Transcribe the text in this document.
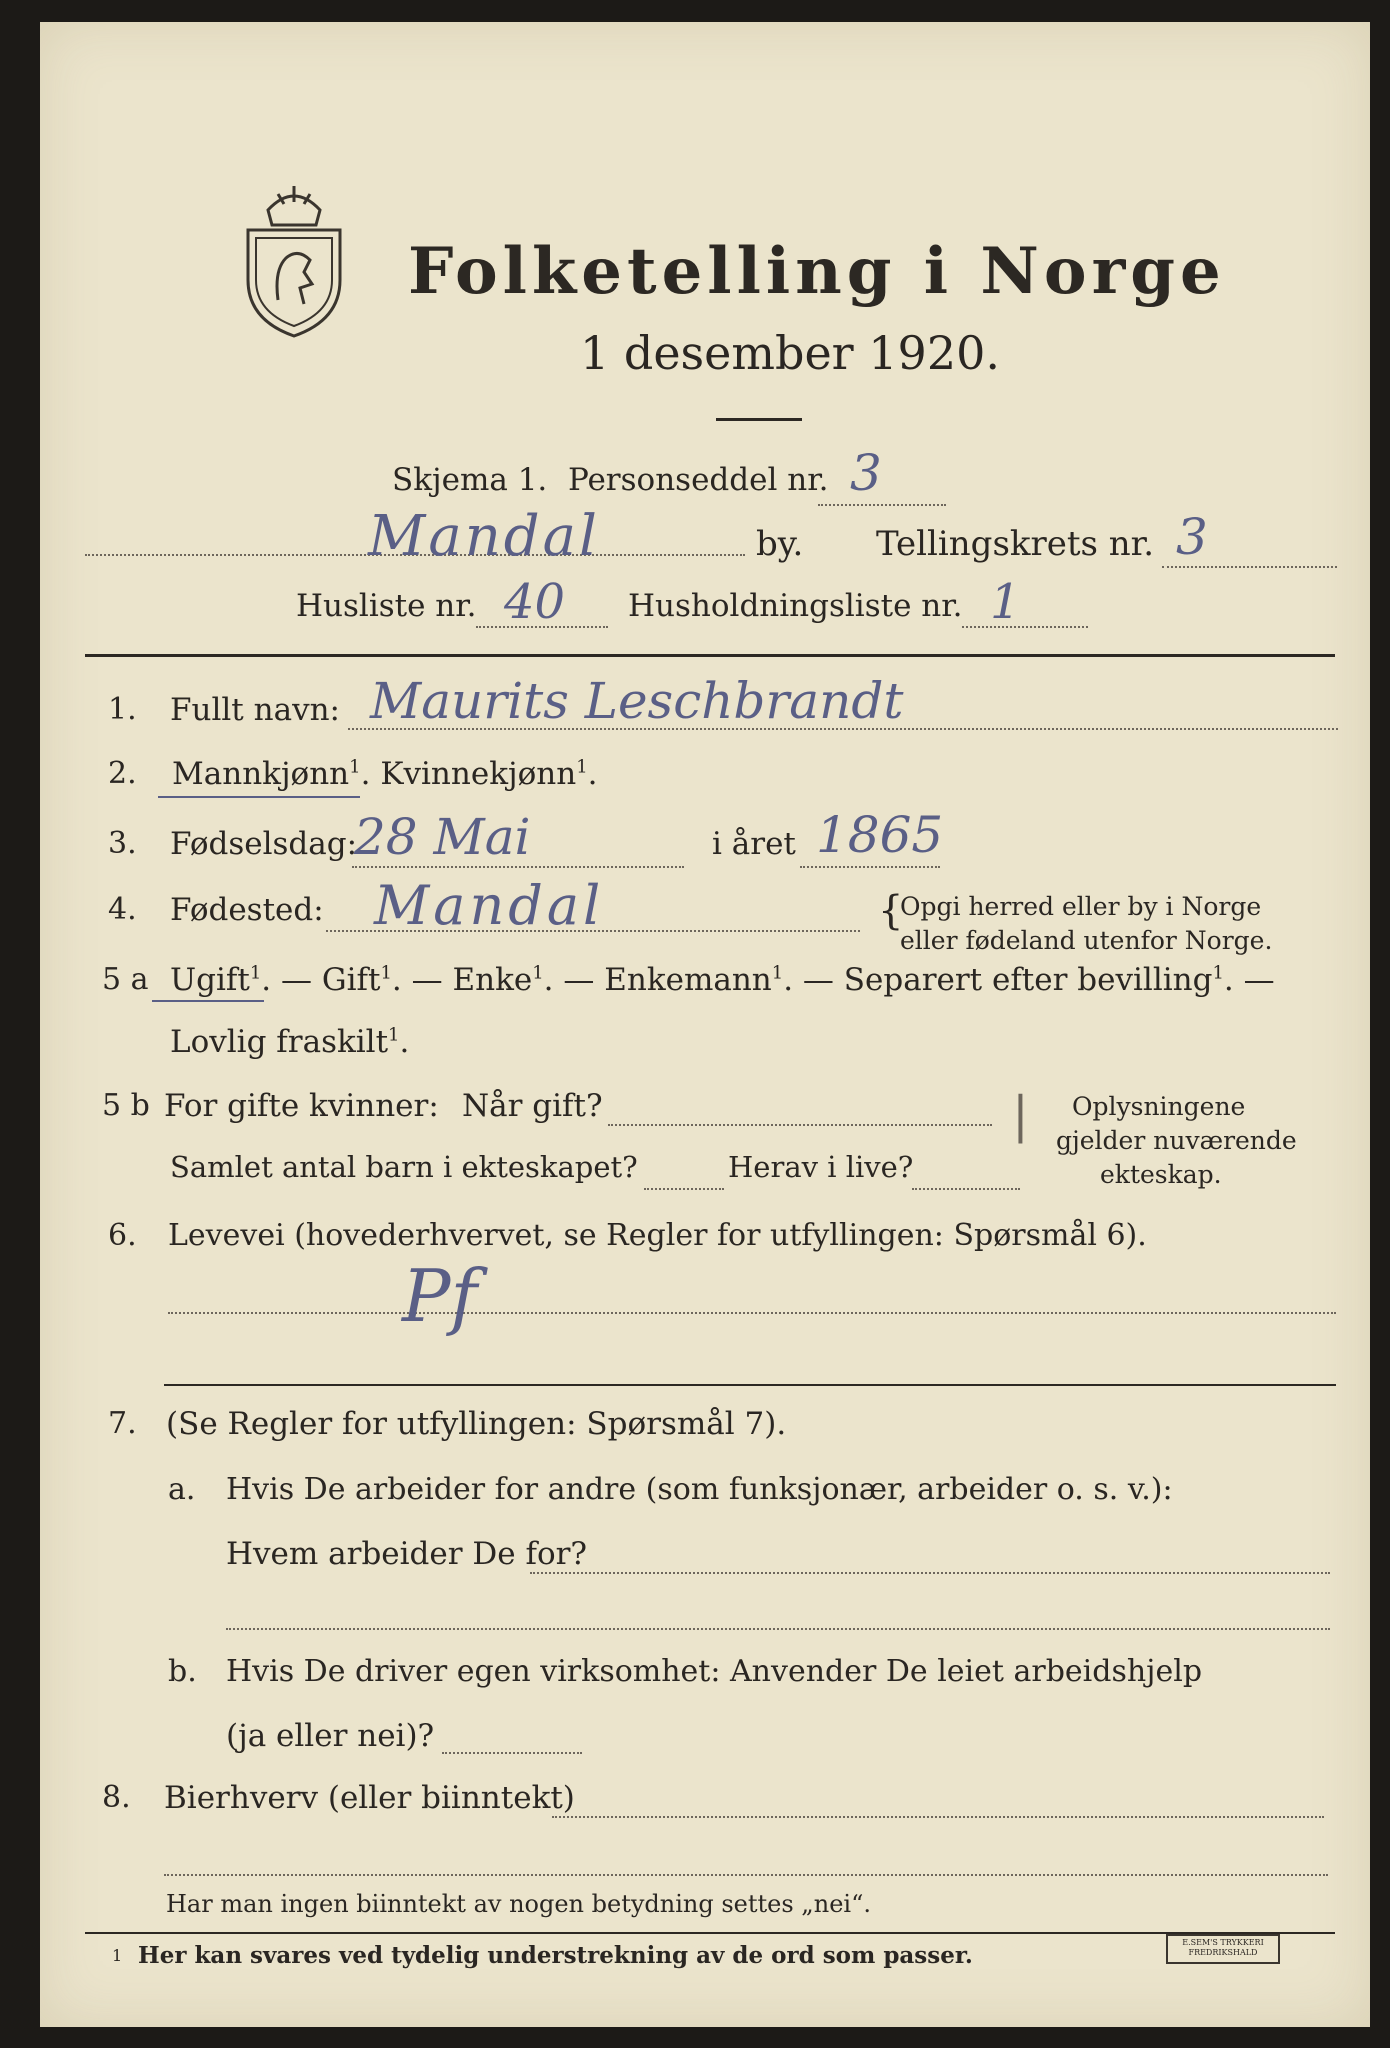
Folketelling i Norge
1 desember 1920.
Skjema 1. Personseddel nr. 3
Mandal	by. Tellingskrets nr. 3
Husliste nr. 40 Husholdningsliste nr. 1
1. Fullt navn: Maurits Leschbrandt
2. Mannkjønn$^1$. Kvinnekjønn$^1$.
3. Fødselsdag:
28 Mai	i året 1865
4. Fødested: Mandal	{
Opgi herred eller by i Norge
eller fødeland utenfor Norge.
5 a Ugift$^1$. — Gift$^1$. — Enke$^1$. — Enkemann$^1$. — Separert efter bevilling$^1$. —
Lovlig fraskilt$^1$.
5 b For gifte kvinner: Når gift?
Samlet antal barn i ekteskapet?	Herav i live?
| Oplysningene
gjelder nuværende
ekteskap.
6. Levevei (hovederhvervet, se Regler for utfyllingen: Spørsmål 6).
Pf
7. (Se Regler for utfyllingen: Spørsmål 7).
a. Hvis De arbeider for andre (som funksjonær, arbeider o. s. v.):
Hvem arbeider De for?
b. Hvis De driver egen virksomhet: Anvender De leiet arbeidshjelp
(ja eller nei)?
8. Bierhverv (eller biinntekt)
Har man ingen biinntekt av nogen betydning settes „nei“.
1 Her kan svares ved tydelig understrekning av de ord som passer.	E.SEM'S TRYKKERI
FREDRIKSHALD
